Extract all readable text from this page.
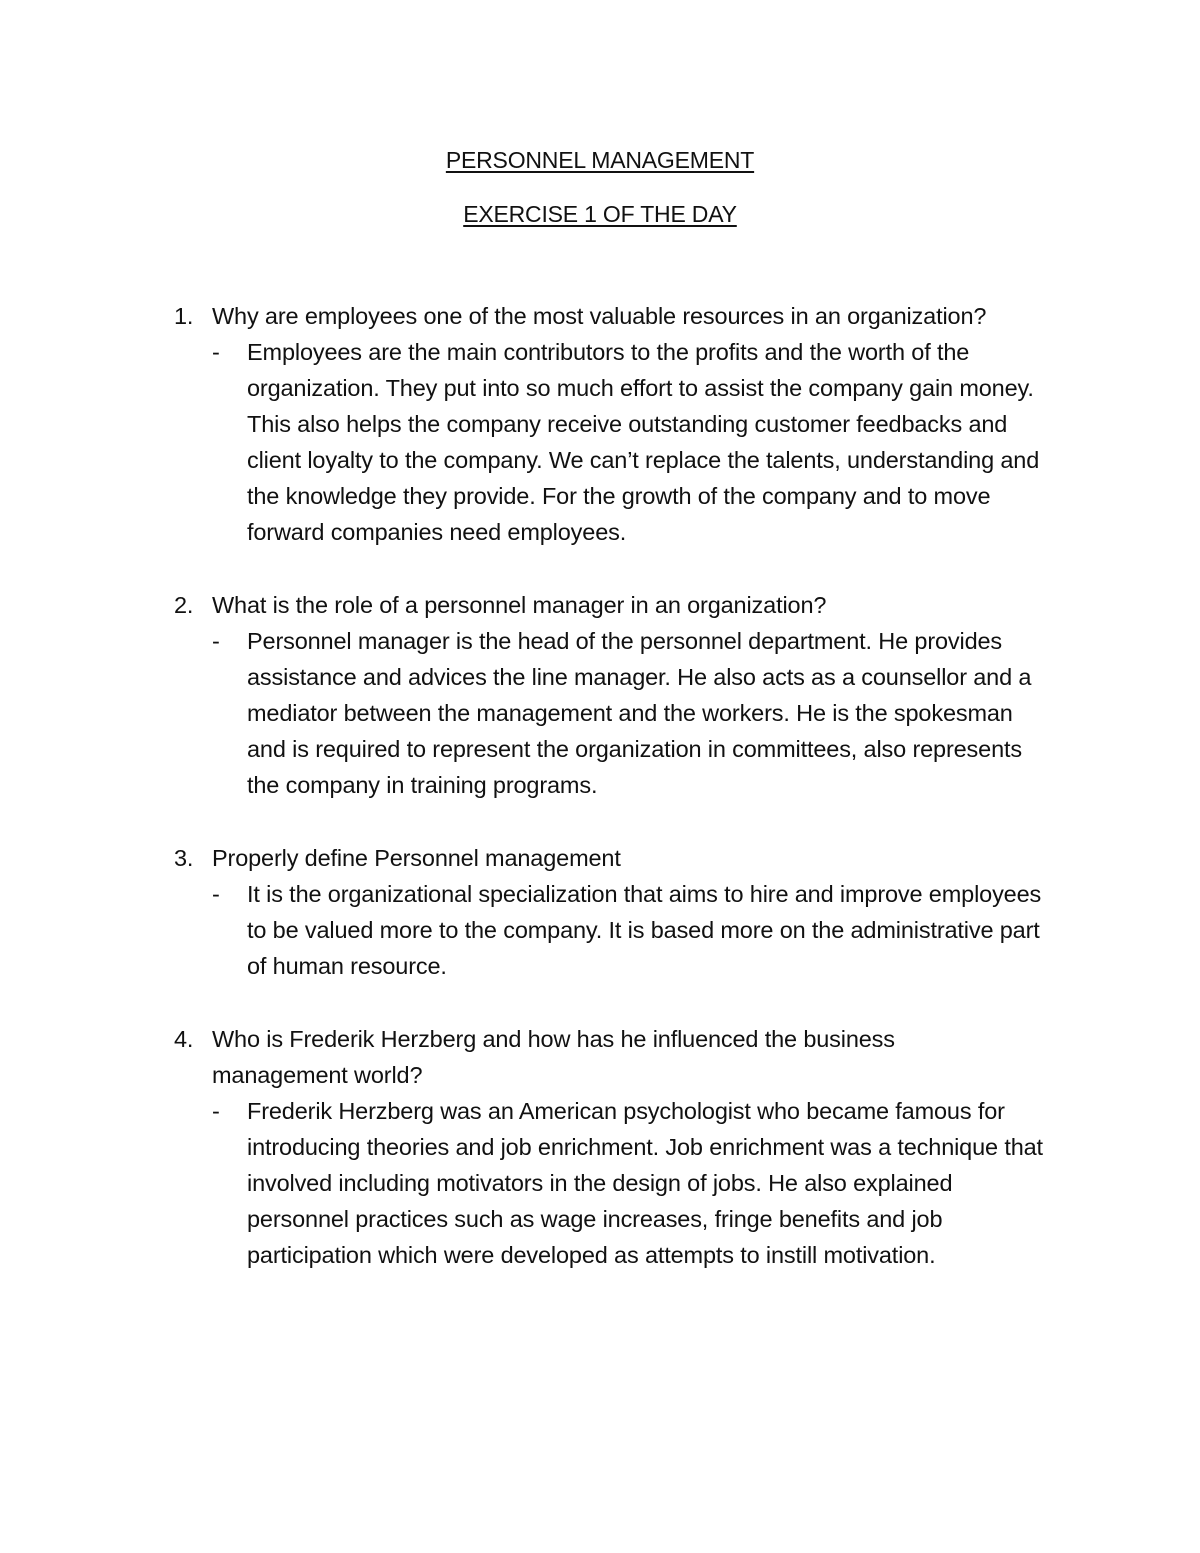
PERSONNEL MANAGEMENT
EXERCISE 1 OF THE DAY
1. Why are employees one of the most valuable resources in an organization?
-	Employees are the main contributors to the profits and the worth of the organization. They put into so much effort to assist the company gain money. This also helps the company receive outstanding customer feedbacks and client loyalty to the company. We can’t replace the talents, understanding and the knowledge they provide. For the growth of the company and to move forward companies need employees.
2. What is the role of a personnel manager in an organization?
-	Personnel manager is the head of the personnel department. He provides assistance and advices the line manager. He also acts as a counsellor and a mediator between the management and the workers. He is the spokesman and is required to represent the organization in committees, also represents the company in training programs.
3. Properly define Personnel management
-	It is the organizational specialization that aims to hire and improve employees to be valued more to the company. It is based more on the administrative part of human resource.
4. Who is Frederik Herzberg and how has he influenced the business management world?
-	Frederik Herzberg was an American psychologist who became famous for introducing theories and job enrichment. Job enrichment was a technique that involved including motivators in the design of jobs. He also explained personnel practices such as wage increases, fringe benefits and job participation which were developed as attempts to instill motivation.
